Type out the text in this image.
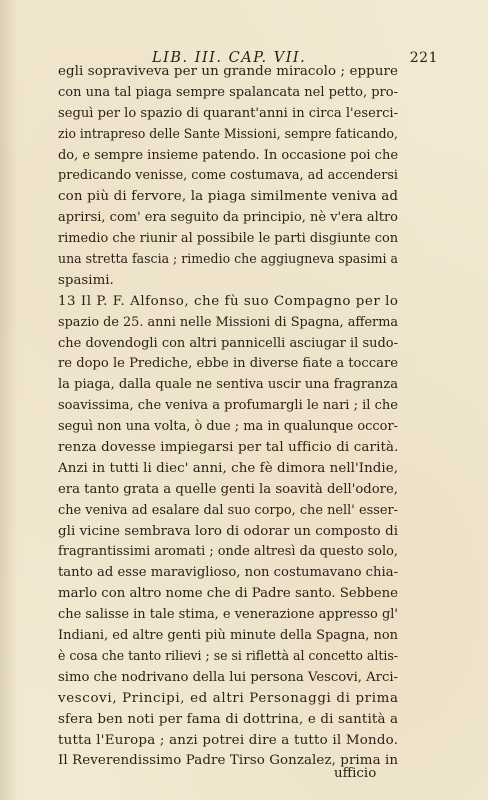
LIB. III. CAP. VII.	221
egli sopraviveva per un grande miracolo ; eppure
con una tal piaga sempre spalancata nel petto, pro-
seguì per lo spazio di quarant'anni in circa l'eserci-
zio intrapreso delle Sante Missioni, sempre faticando,
do, e sempre insieme patendo. In occasione poi che
predicando venisse, come costumava, ad accendersi
con più di fervore, la piaga similmente veniva ad
aprirsi, com' era seguito da principio, nè v'era altro
rimedio che riunir al possibile le parti disgiunte con
una stretta fascia ; rimedio che aggiugneva spasimi a
spasimi.
13 Il P. F. Alfonso, che fù suo Compagno per lo
spazio de 25. anni nelle Missioni di Spagna, afferma
che dovendogli con altri pannicelli asciugar il sudo-
re dopo le Prediche, ebbe in diverse fiate a toccare
la piaga, dalla quale ne sentiva uscir una fragranza
soavissima, che veniva a profumargli le nari ; il che
seguì non una volta, ò due ; ma in qualunque occor-
renza dovesse impiegarsi per tal ufficio di carità.
Anzi in tutti li diec' anni, che fè dimora nell'Indie,
era tanto grata a quelle genti la soavità dell'odore,
che veniva ad esalare dal suo corpo, che nell' esser-
gli vicine sembrava loro di odorar un composto di
fragrantissimi aromati ; onde altresì da questo solo,
tanto ad esse maraviglioso, non costumavano chia-
marlo con altro nome che di Padre santo. Sebbene
che salisse in tale stima, e venerazione appresso gl'
Indiani, ed altre genti più minute della Spagna, non
è cosa che tanto rilievi ; se si riflettà al concetto altis-
simo che nodrivano della lui persona Vescovi, Arci-
vescovi, Principi, ed altri Personaggi di prima
sfera ben noti per fama di dottrina, e di santità a
tutta l'Europa ; anzi potrei dire a tutto il Mondo.
Il Reverendissimo Padre Tirso Gonzalez, prima in
ufficio
